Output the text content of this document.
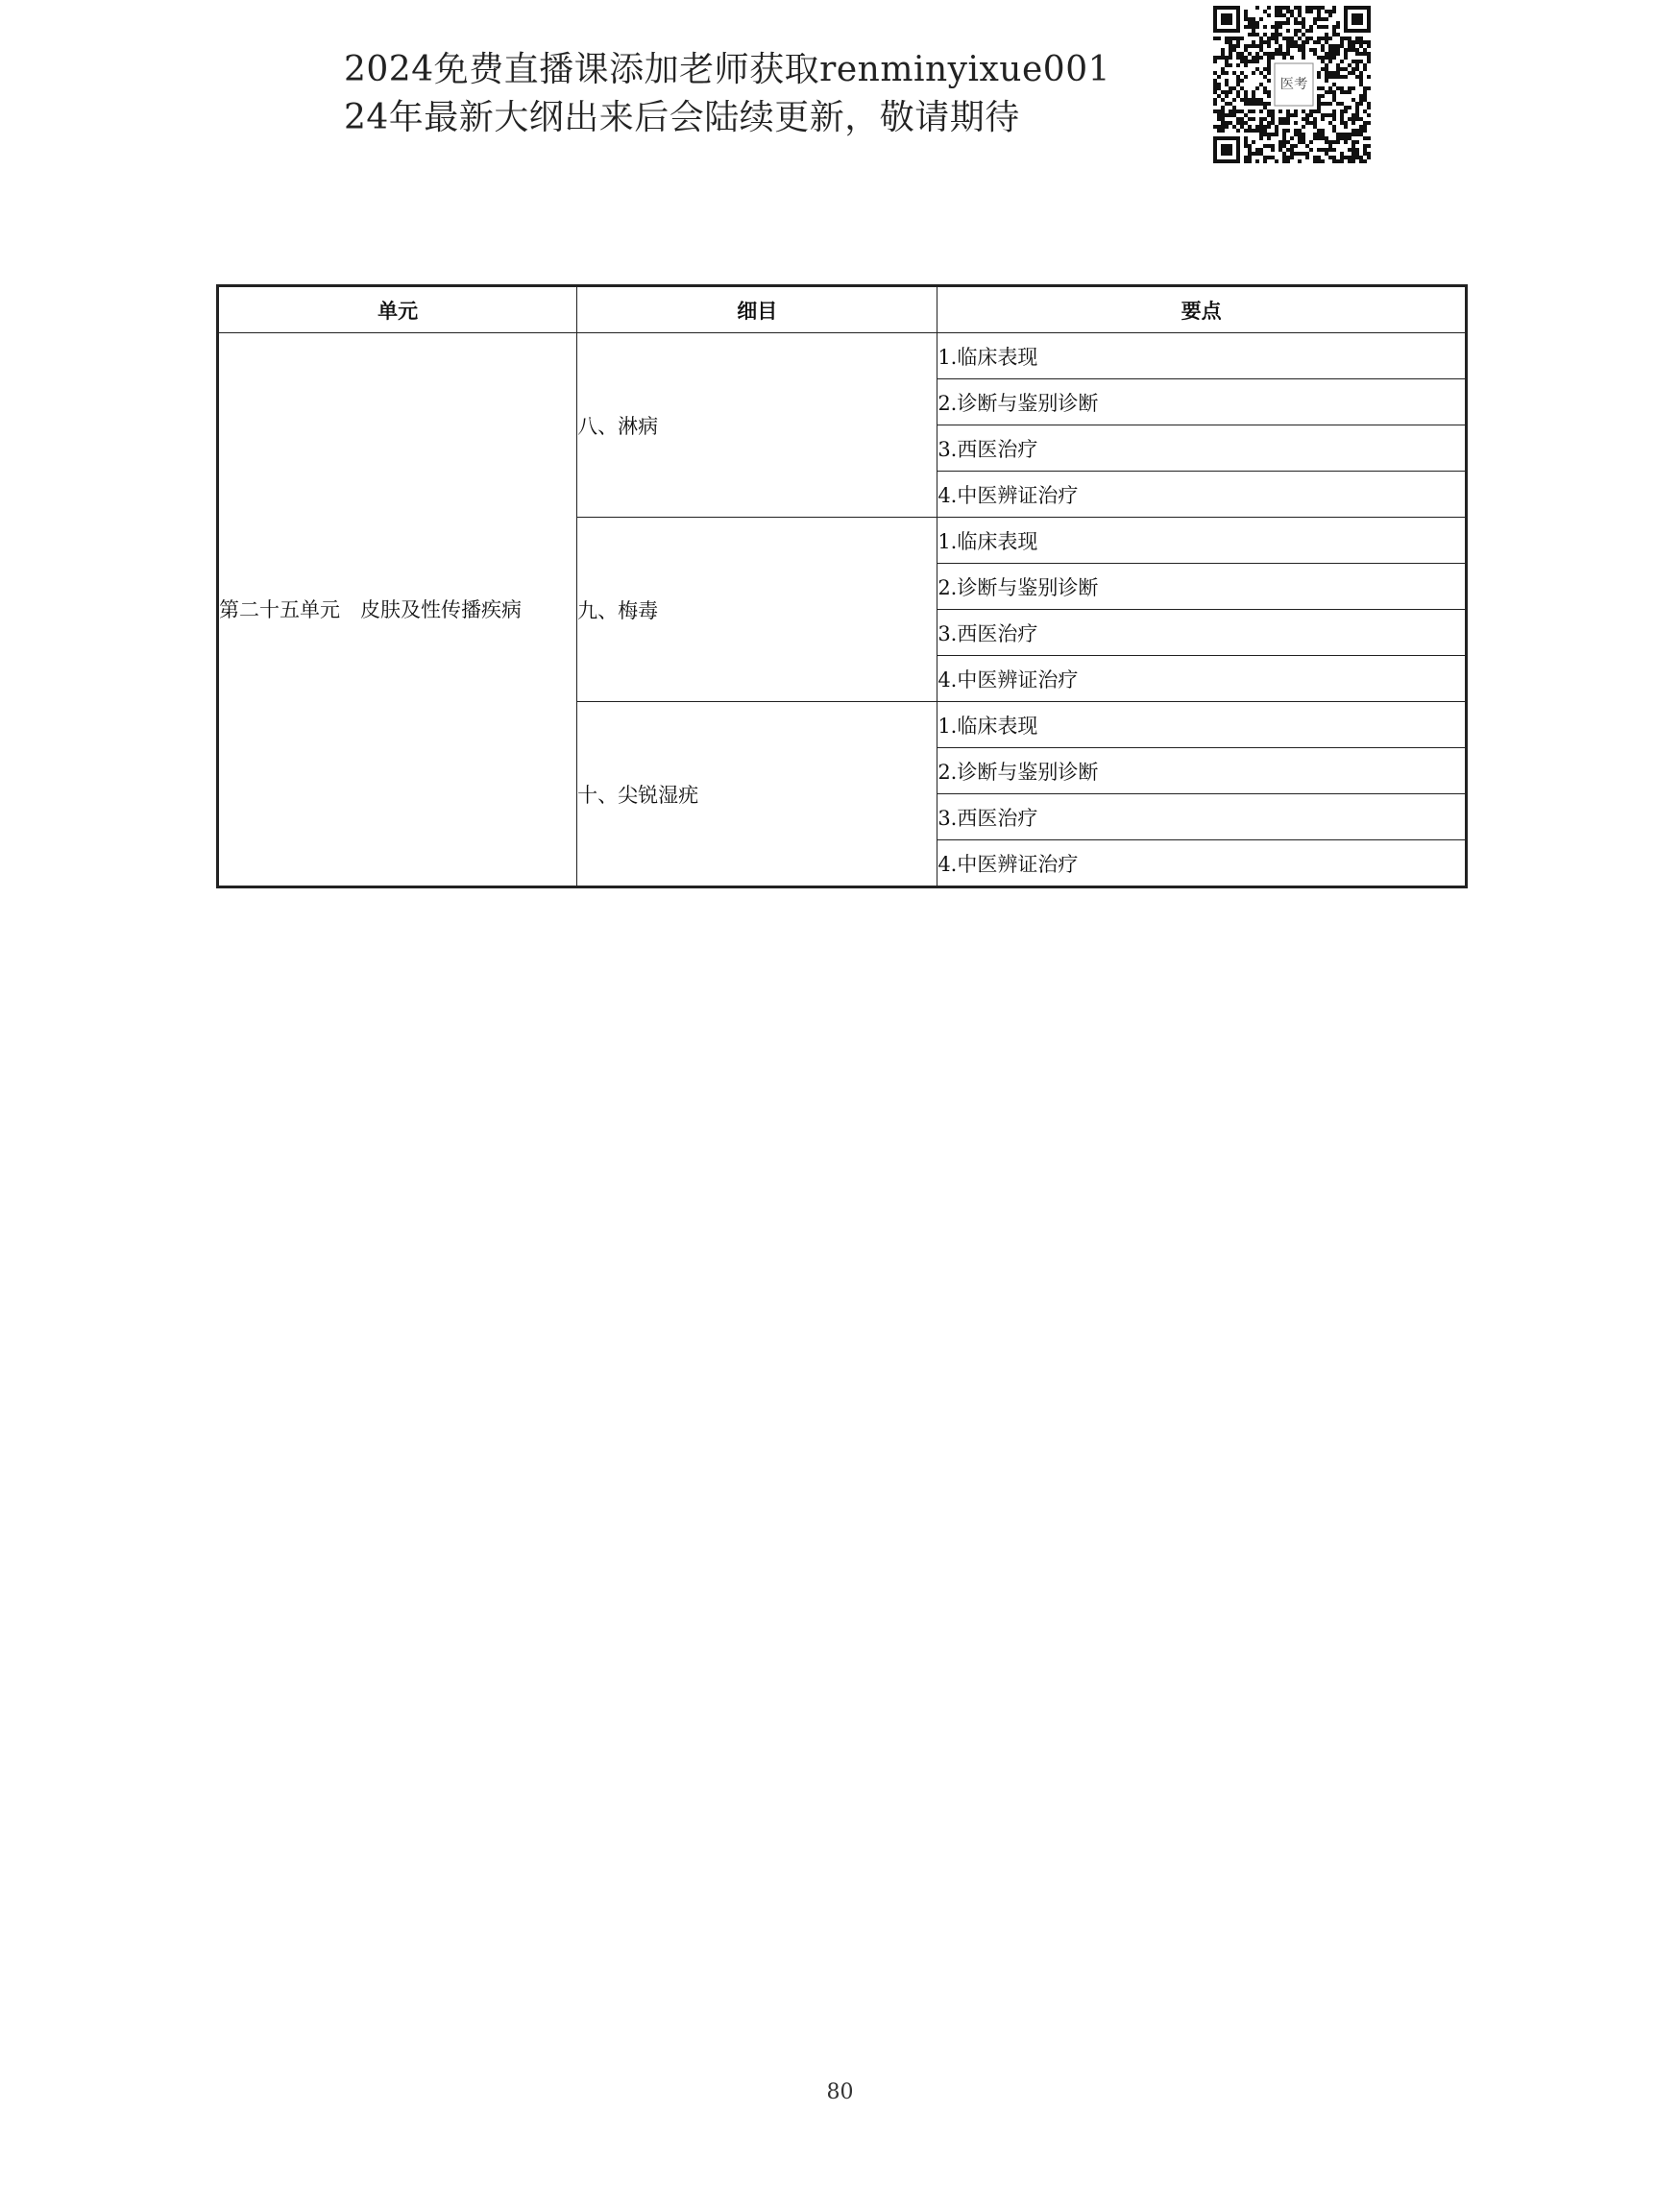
2024免费直播课添加老师获取renminyixue001
24年最新大纲出来后会陆续更新，敬请期待
医考
单元	细目	要点
第二十五单元　皮肤及性传播疾病	八、淋病	1.临床表现
		2.诊断与鉴别诊断
		3.西医治疗
		4.中医辨证治疗
	九、梅毒	1.临床表现
		2.诊断与鉴别诊断
		3.西医治疗
		4.中医辨证治疗
	十、尖锐湿疣	1.临床表现
		2.诊断与鉴别诊断
		3.西医治疗
		4.中医辨证治疗
80
